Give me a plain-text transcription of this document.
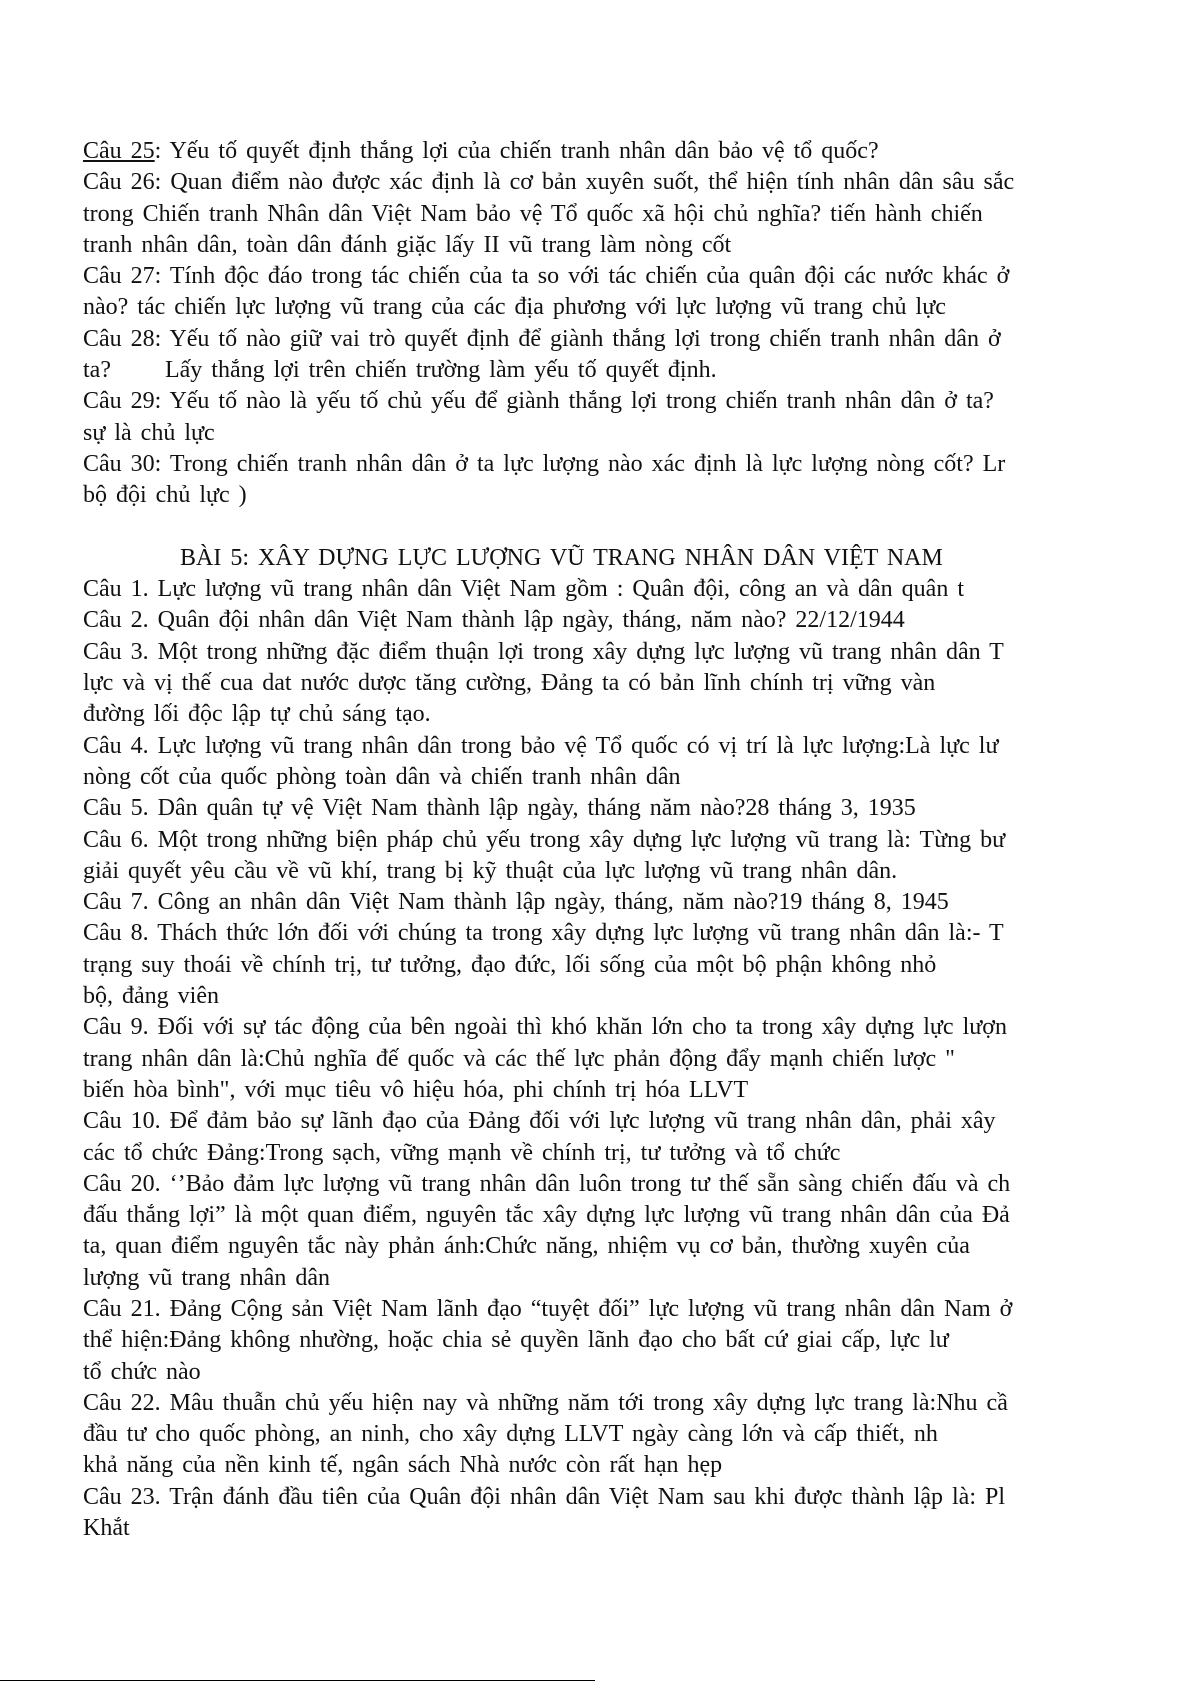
Câu 25: Yếu tố quyết định thắng lợi của chiến tranh nhân dân bảo vệ tổ quốc?
Câu 26: Quan điểm nào được xác định là cơ bản xuyên suốt, thể hiện tính nhân dân sâu sắc
trong Chiến tranh Nhân dân Việt Nam bảo vệ Tổ quốc xã hội chủ nghĩa? tiến hành chiến
tranh nhân dân, toàn dân đánh giặc lấy II vũ trang làm nòng cốt
Câu 27: Tính độc đáo trong tác chiến của ta so với tác chiến của quân đội các nước khác ở
nào? tác chiến lực lượng vũ trang của các địa phương với lực lượng vũ trang chủ lực
Câu 28: Yếu tố nào giữ vai trò quyết định để giành thắng lợi trong chiến tranh nhân dân ở
ta?      Lấy thắng lợi trên chiến trường làm yếu tố quyết định.
Câu 29: Yếu tố nào là yếu tố chủ yếu để giành thắng lợi trong chiến tranh nhân dân ở ta?
sự là chủ lực
Câu 30: Trong chiến tranh nhân dân ở ta lực lượng nào xác định là lực lượng nòng cốt? Lr
bộ đội chủ lực )
BÀI 5: XÂY DỰNG LỰC LƯỢNG VŨ TRANG NHÂN DÂN VIỆT NAM
Câu 1. Lực lượng vũ trang nhân dân Việt Nam gồm : Quân đội, công an và dân quân t
Câu 2. Quân đội nhân dân Việt Nam thành lập ngày, tháng, năm nào? 22/12/1944
Câu 3. Một trong những đặc điểm thuận lợi trong xây dựng lực lượng vũ trang nhân dân T
lực và vị thế cua dat nước dược tăng cường, Đảng ta có bản lĩnh chính trị vững vàn
đường lối độc lập tự chủ sáng tạo.
Câu 4. Lực lượng vũ trang nhân dân trong bảo vệ Tổ quốc có vị trí là lực lượng:Là lực lư
nòng cốt của quốc phòng toàn dân và chiến tranh nhân dân
Câu 5. Dân quân tự vệ Việt Nam thành lập ngày, tháng năm nào?28 tháng 3, 1935
Câu 6. Một trong những biện pháp chủ yếu trong xây dựng lực lượng vũ trang là: Từng bư
giải quyết yêu cầu về vũ khí, trang bị kỹ thuật của lực lượng vũ trang nhân dân.
Câu 7. Công an nhân dân Việt Nam thành lập ngày, tháng, năm nào?19 tháng 8, 1945
Câu 8. Thách thức lớn đối với chúng ta trong xây dựng lực lượng vũ trang nhân dân là:- T
trạng suy thoái về chính trị, tư tưởng, đạo đức, lối sống của một bộ phận không nhỏ
bộ, đảng viên
Câu 9. Đối với sự tác động của bên ngoài thì khó khăn lớn cho ta trong xây dựng lực lượn
trang nhân dân là:Chủ nghĩa đế quốc và các thế lực phản động đẩy mạnh chiến lược "
biến hòa bình", với mục tiêu vô hiệu hóa, phi chính trị hóa LLVT
Câu 10. Để đảm bảo sự lãnh đạo của Đảng đối với lực lượng vũ trang nhân dân, phải xây
các tổ chức Đảng:Trong sạch, vững mạnh về chính trị, tư tưởng và tổ chức
Câu 20. ‘’Bảo đảm lực lượng vũ trang nhân dân luôn trong tư thế sẵn sàng chiến đấu và ch
đấu thắng lợi” là một quan điểm, nguyên tắc xây dựng lực lượng vũ trang nhân dân của Đả
ta, quan điểm nguyên tắc này phản ánh:Chức năng, nhiệm vụ cơ bản, thường xuyên của
lượng vũ trang nhân dân
Câu 21. Đảng Cộng sản Việt Nam lãnh đạo “tuyệt đối” lực lượng vũ trang nhân dân Nam ở
thể hiện:Đảng không nhường, hoặc chia sẻ quyền lãnh đạo cho bất cứ giai cấp, lực lư
tổ chức nào
Câu 22. Mâu thuẫn chủ yếu hiện nay và những năm tới trong xây dựng lực trang là:Nhu cầ
đầu tư cho quốc phòng, an ninh, cho xây dựng LLVT ngày càng lớn và cấp thiết, nh
khả năng của nền kinh tế, ngân sách Nhà nước còn rất hạn hẹp
Câu 23. Trận đánh đầu tiên của Quân đội nhân dân Việt Nam sau khi được thành lập là: Pl
Khắt
